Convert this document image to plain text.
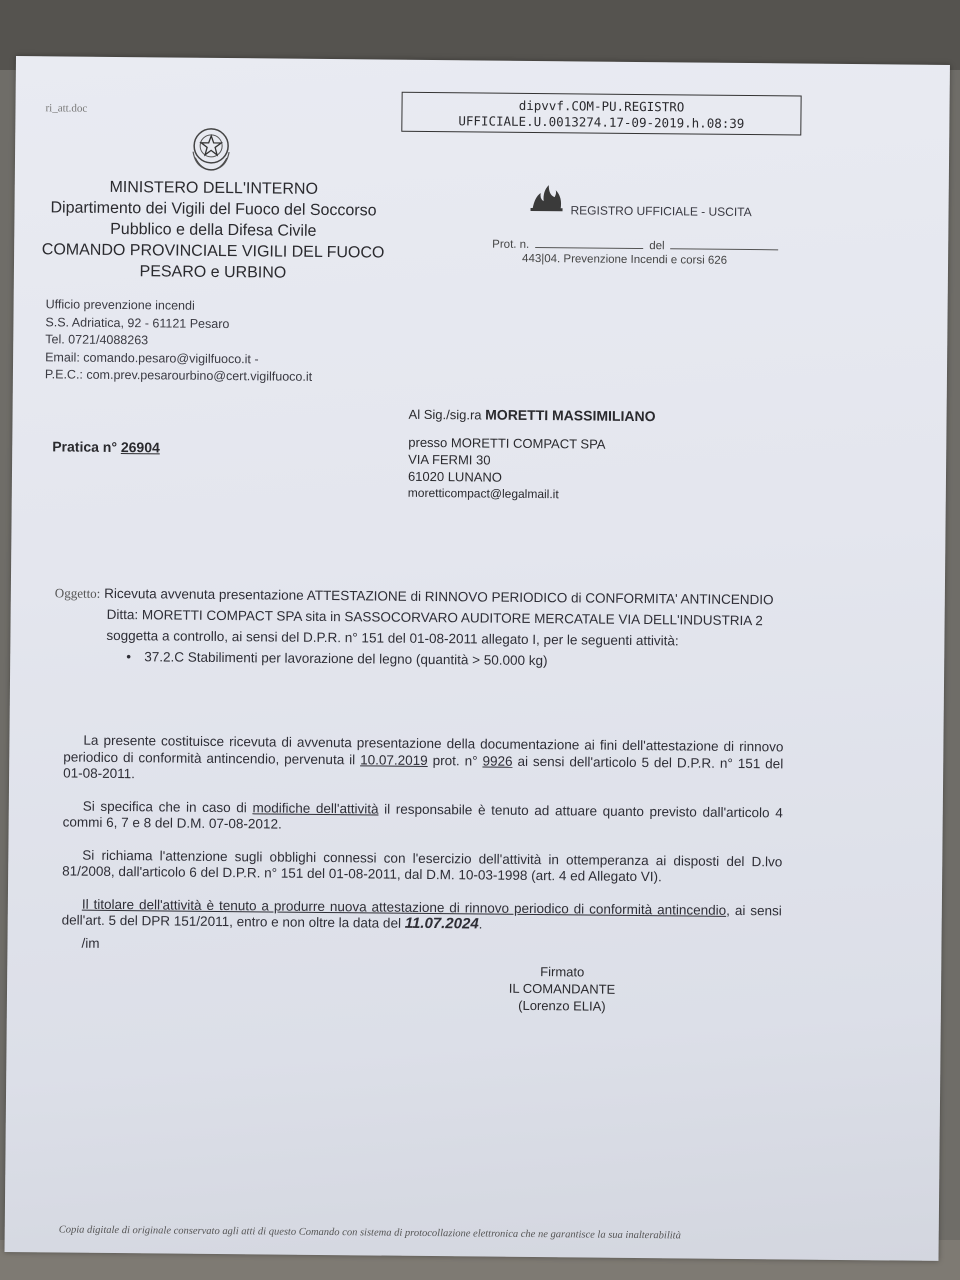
ri_att.doc
MINISTERO DELL'INTERNO
Dipartimento dei Vigili del Fuoco del Soccorso
Pubblico e della Difesa Civile
COMANDO PROVINCIALE VIGILI DEL FUOCO
PESARO e URBINO
Ufficio prevenzione incendi
S.S. Adriatica, 92 - 61121 Pesaro
Tel. 0721/4088263
Email: comando.pesaro@vigilfuoco.it -
P.E.C.: com.prev.pesarourbino@cert.vigilfuoco.it
dipvvf.COM-PU.REGISTRO
UFFICIALE.U.0013274.17-09-2019.h.08:39
REGISTRO UFFICIALE - USCITA
Prot. n.	del
443|04. Prevenzione Incendi e corsi 626
Al Sig./sig.ra MORETTI MASSIMILIANO
presso MORETTI COMPACT SPA
VIA FERMI 30
61020 LUNANO
moretticompact@legalmail.it
Pratica n° 26904
Oggetto: Ricevuta avvenuta presentazione ATTESTAZIONE di RINNOVO PERIODICO di CONFORMITA' ANTINCENDIO
Ditta: MORETTI COMPACT SPA sita in SASSOCORVARO AUDITORE MERCATALE VIA DELL'INDUSTRIA 2
soggetta a controllo, ai sensi del D.P.R. n° 151 del 01-08-2011 allegato I, per le seguenti attività:
• 37.2.C Stabilimenti per lavorazione del legno (quantità > 50.000 kg)

La presente costituisce ricevuta di avvenuta presentazione della documentazione ai fini dell'attestazione di rinnovo periodico di conformità antincendio, pervenuta il 10.07.2019 prot. n° 9926 ai sensi dell'articolo 5 del D.P.R. n° 151 del 01-08-2011.

Si specifica che in caso di modifiche dell'attività il responsabile è tenuto ad attuare quanto previsto dall'articolo 4 commi 6, 7 e 8 del D.M. 07-08-2012.

Si richiama l'attenzione sugli obblighi connessi con l'esercizio dell'attività in ottemperanza ai disposti del D.lvo 81/2008, dall'articolo 6 del D.P.R. n° 151 del 01-08-2011, dal D.M. 10-03-1998 (art. 4 ed Allegato VI).

Il titolare dell'attività è tenuto a produrre nuova attestazione di rinnovo periodico di conformità antincendio, ai sensi dell'art. 5 del DPR 151/2011, entro e non oltre la data del 11.07.2024.

/im
Firmato
IL COMANDANTE
(Lorenzo ELIA)
Copia digitale di originale conservato agli atti di questo Comando con sistema di protocollazione elettronica che ne garantisce la sua inalterabilità
